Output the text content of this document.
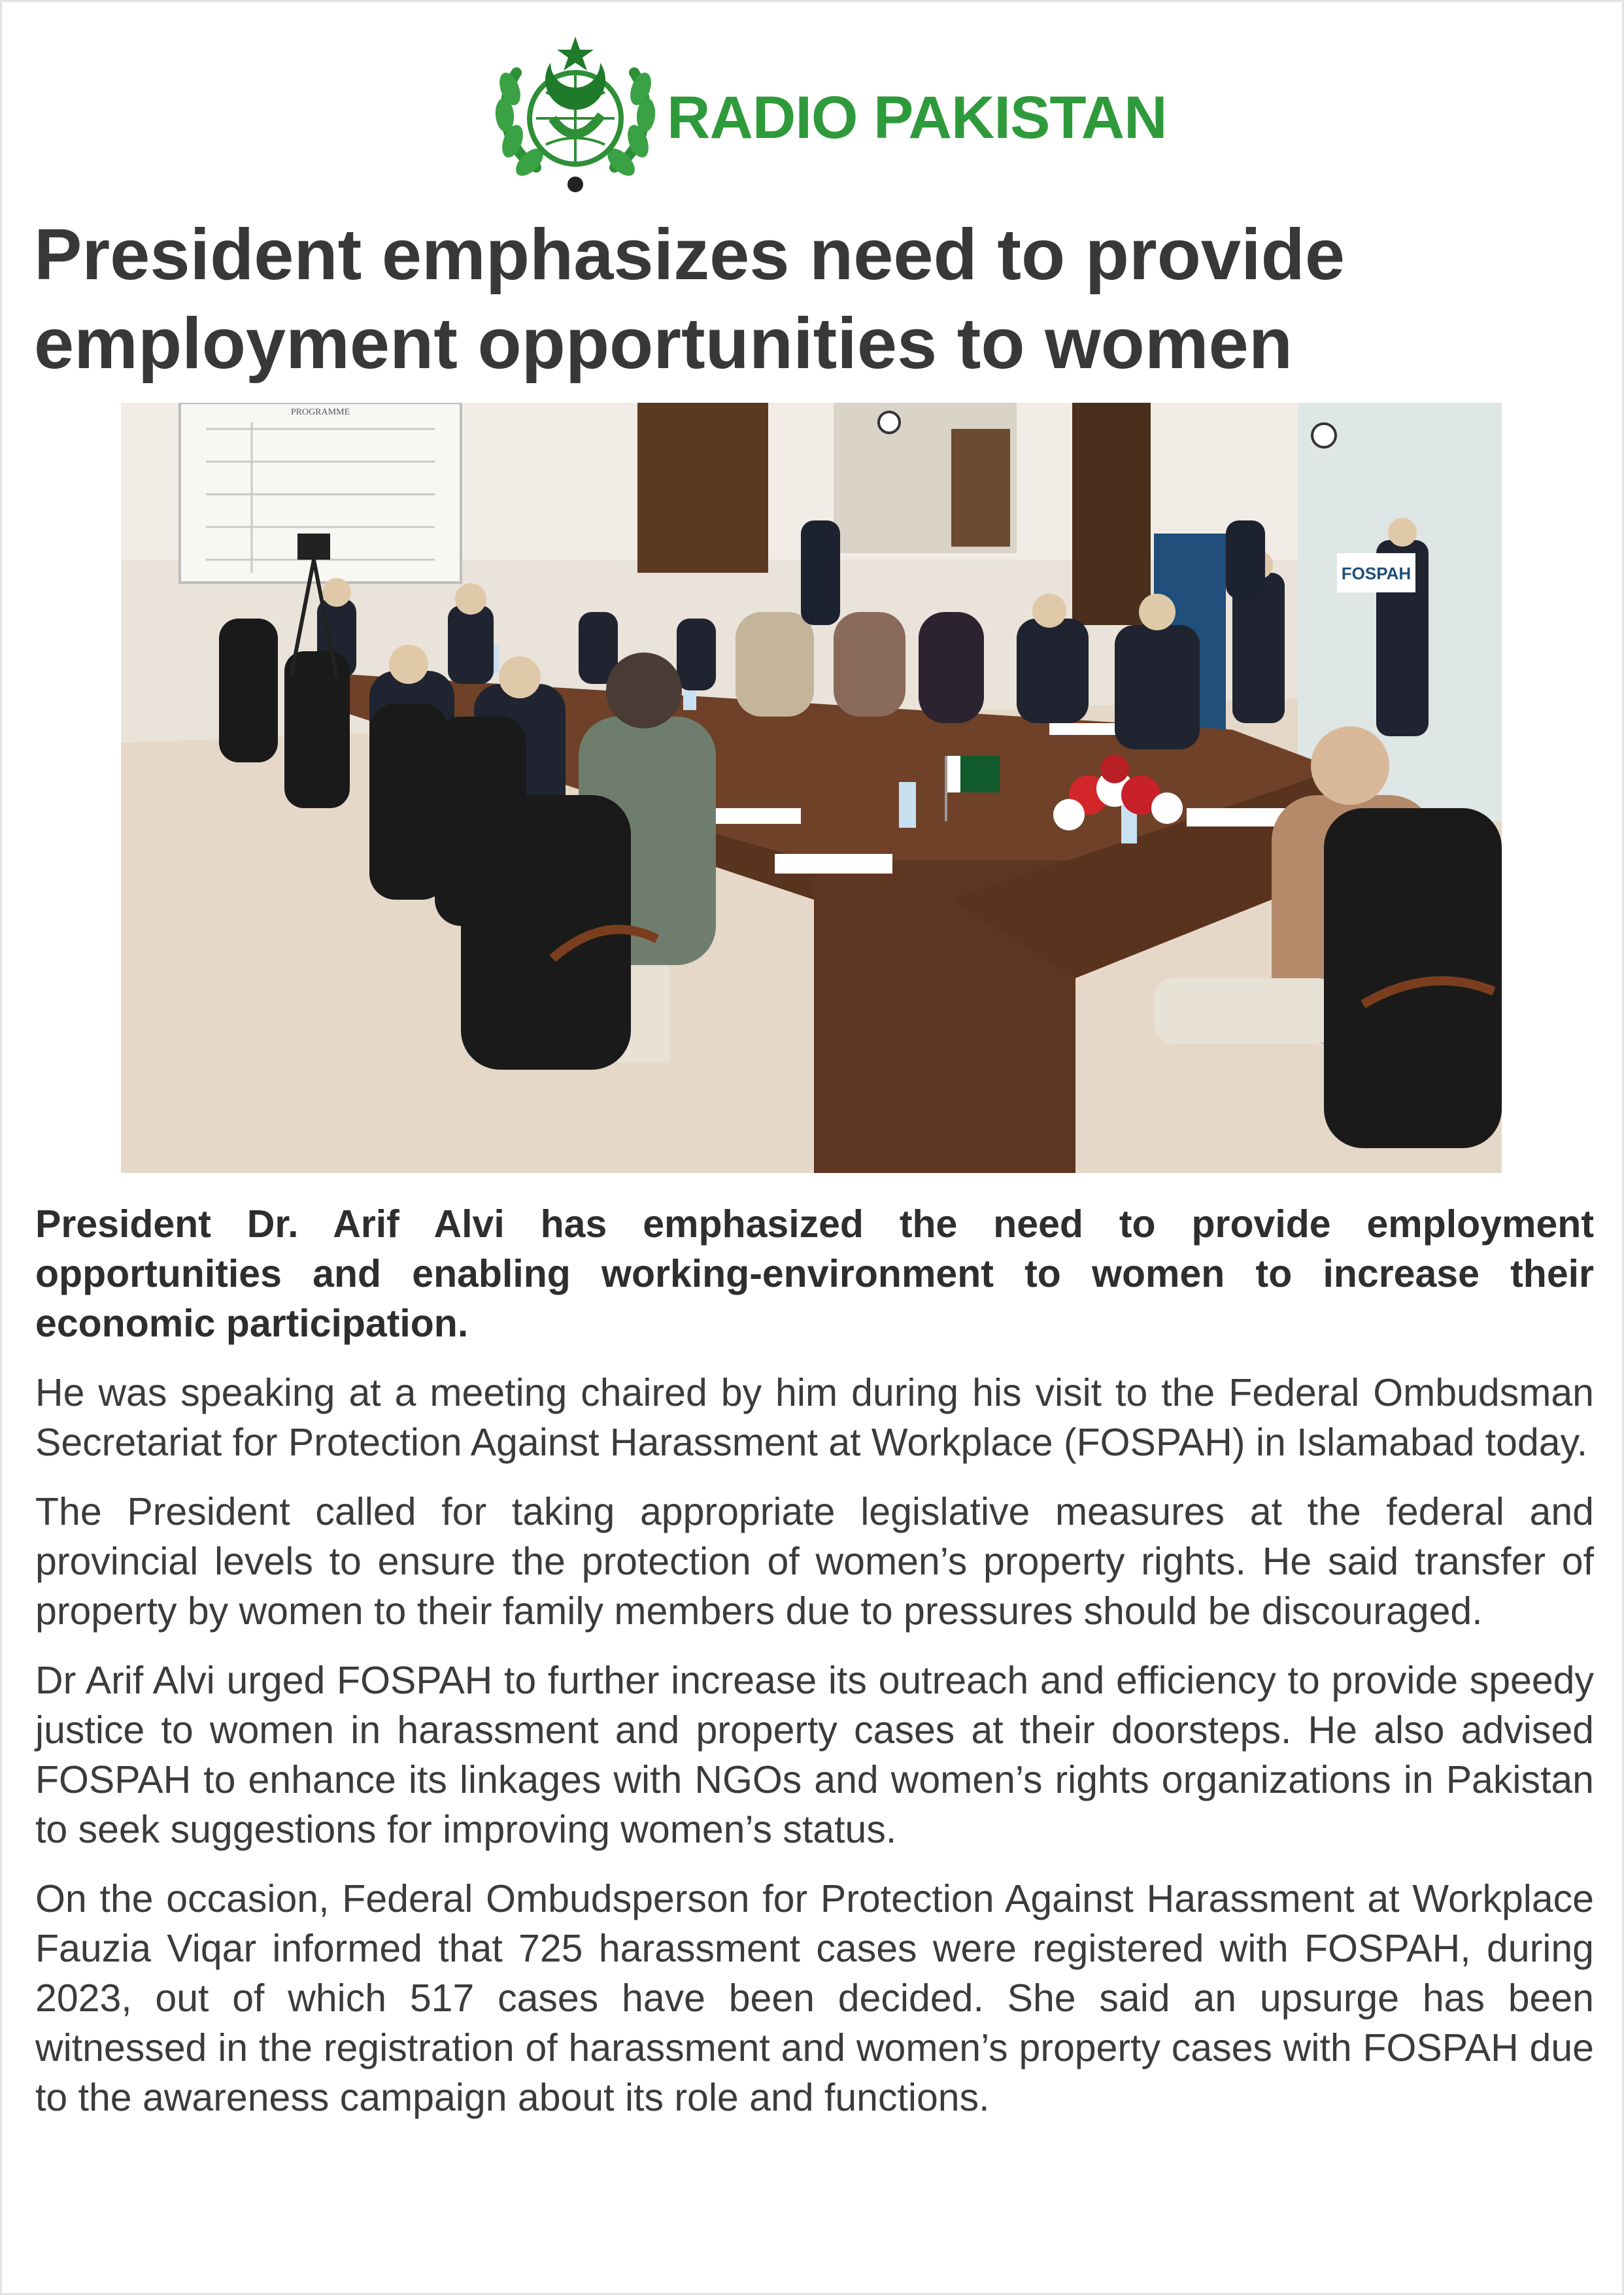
RADIO PAKISTAN
President emphasizes need to provide employment opportunities to women
PROGRAMME
FOSPAH

President Dr. Arif Alvi has emphasized the need to provide employment opportunities and enabling working-environment to women to increase their economic participation.

He was speaking at a meeting chaired by him during his visit to the Federal Ombudsman Secretariat for Protection Against Harassment at Workplace (FOSPAH) in Islamabad today.

The President called for taking appropriate legislative measures at the federal and provincial levels to ensure the protection of women’s property rights. He said transfer of property by women to their family members due to pressures should be discouraged.

Dr Arif Alvi urged FOSPAH to further increase its outreach and efficiency to provide speedy justice to women in harassment and property cases at their doorsteps. He also advised FOSPAH to enhance its linkages with NGOs and women’s rights organizations in Pakistan to seek suggestions for improving women’s status.

On the occasion, Federal Ombudsperson for Protection Against Harassment at Workplace Fauzia Viqar informed that 725 harassment cases were registered with FOSPAH, during 2023, out of which 517 cases have been decided. She said an upsurge has been witnessed in the registration of harassment and women’s property cases with FOSPAH due to the awareness campaign about its role and functions.
